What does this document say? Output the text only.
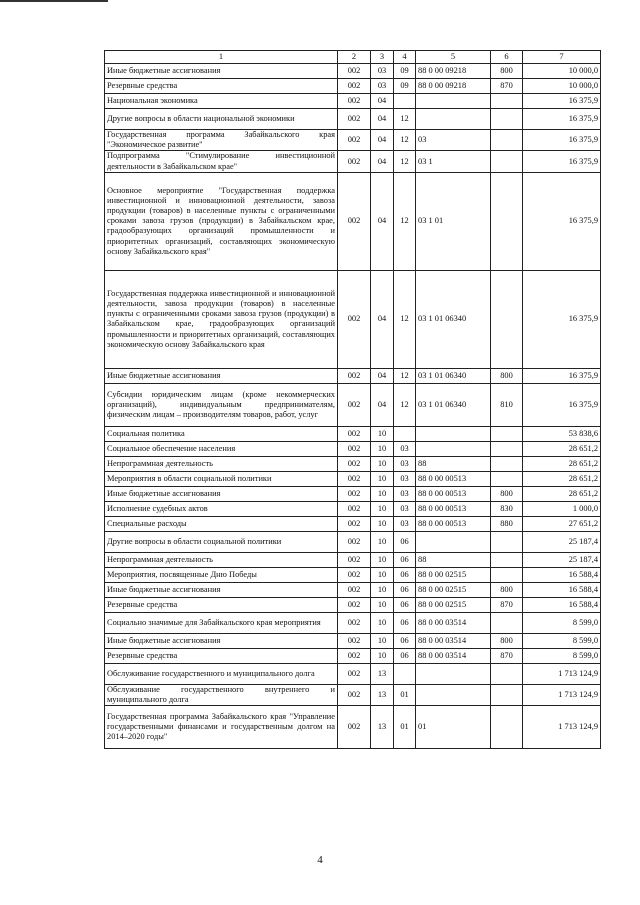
1	2	3	4	5	6	7
Иные бюджетные ассигнования	002	03	09	88 0 00 09218	800	10 000,0
Резервные средства	002	03	09	88 0 00 09218	870	10 000,0
Национальная экономика	002	04				16 375,9
Другие вопросы в области национальной экономики	002	04	12			16 375,9
Государственная программа Забайкальского края "Экономическое развитие"	002	04	12	03		16 375,9
Подпрограмма "Стимулирование инвестиционной деятельности в Забайкальском крае"	002	04	12	03 1		16 375,9
Основное мероприятие "Государственная поддержка инвестиционной и инновационной деятельности, завоза продукции (товаров) в населенные пункты с ограниченными сроками завоза грузов (продукции) в Забайкальском крае, градообразующих организаций промышленности и приоритетных организаций, составляющих экономическую основу Забайкальского края"	002	04	12	03 1 01		16 375,9
Государственная поддержка инвестиционной и инновационной деятельности, завоза продукции (товаров) в населенные пункты с ограниченными сроками завоза грузов (продукции) в Забайкальском крае, градообразующих организаций промышленности и приоритетных организаций, составляющих экономическую основу Забайкальского края	002	04	12	03 1 01 06340		16 375,9
Иные бюджетные ассигнования	002	04	12	03 1 01 06340	800	16 375,9
Субсидии юридическим лицам (кроме некоммерческих организаций), индивидуальным предпринимателям, физическим лицам – производителям товаров, работ, услуг	002	04	12	03 1 01 06340	810	16 375,9
Социальная политика	002	10				53 838,6
Социальное обеспечение населения	002	10	03			28 651,2
Непрограммная деятельность	002	10	03	88		28 651,2
Мероприятия в области социальной политики	002	10	03	88 0 00 00513		28 651,2
Иные бюджетные ассигнования	002	10	03	88 0 00 00513	800	28 651,2
Исполнение судебных актов	002	10	03	88 0 00 00513	830	1 000,0
Специальные расходы	002	10	03	88 0 00 00513	880	27 651,2
Другие вопросы в области социальной политики	002	10	06			25 187,4
Непрограммная деятельность	002	10	06	88		25 187,4
Мероприятия, посвященные Дню Победы	002	10	06	88 0 00 02515		16 588,4
Иные бюджетные ассигнования	002	10	06	88 0 00 02515	800	16 588,4
Резервные средства	002	10	06	88 0 00 02515	870	16 588,4
Социально значимые для Забайкальского края мероприятия	002	10	06	88 0 00 03514		8 599,0
Иные бюджетные ассигнования	002	10	06	88 0 00 03514	800	8 599,0
Резервные средства	002	10	06	88 0 00 03514	870	8 599,0
Обслуживание государственного и муниципального долга	002	13				1 713 124,9
Обслуживание государственного внутреннего и муниципального долга	002	13	01			1 713 124,9
Государственная программа Забайкальского края "Управление государственными финансами и государственным долгом на 2014–2020 годы"	002	13	01	01		1 713 124,9
4
